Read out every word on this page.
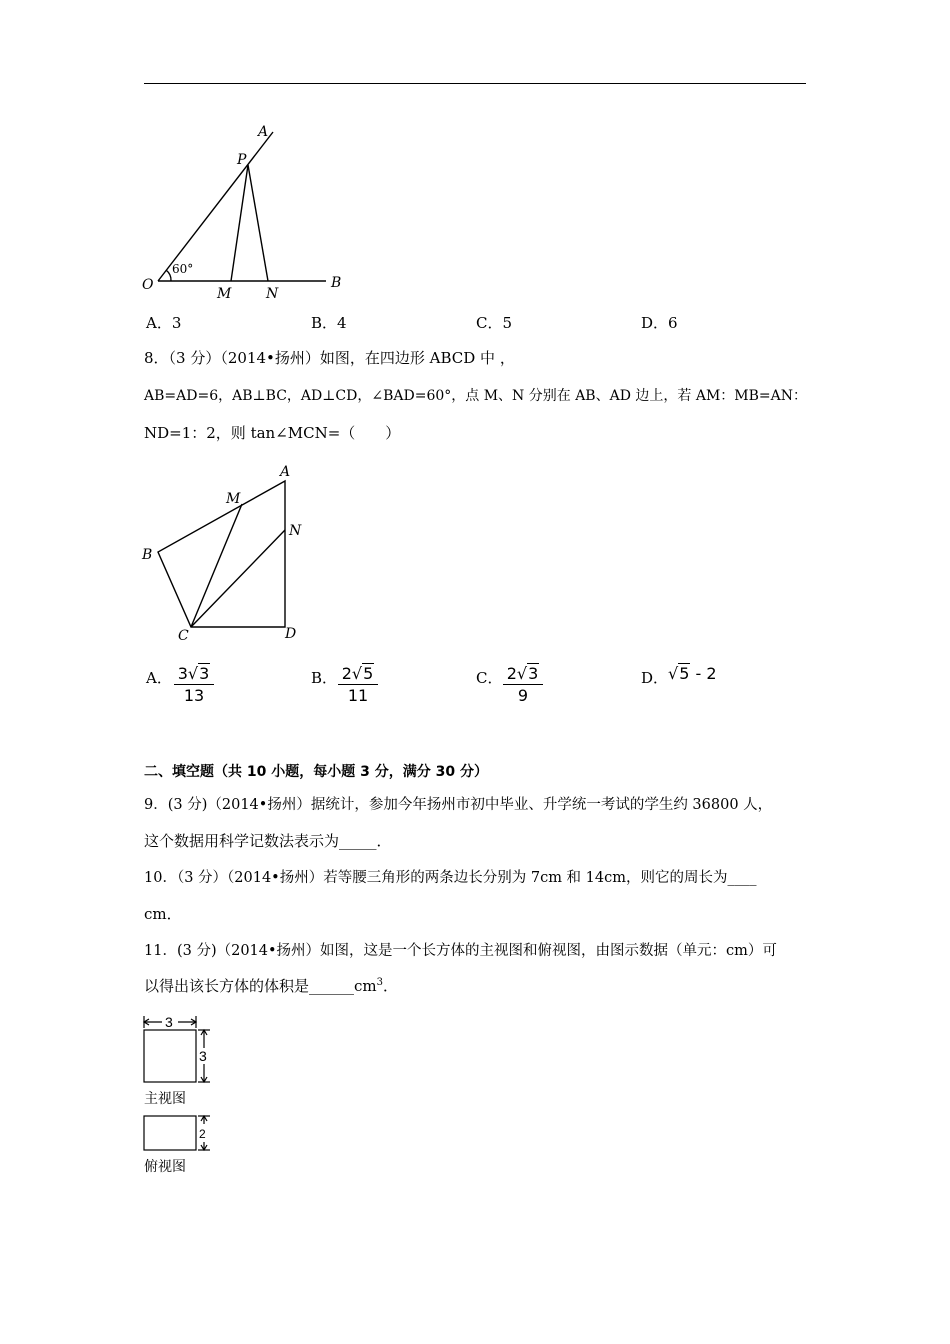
A
P
O
M N
B
60°
A．3	B．4	C．5	D．6
8．（3 分）（2014•扬州）如图，在四边形 ABCD 中 ，
AB=AD=6，AB⊥BC，AD⊥CD，∠BAD=60°，点 M、N 分别在 AB、AD 边上，若 AM：MB=AN：
ND=1：2，则 tan∠MCN=（　　）
A
M
N
B
C	D
A． $\frac{3√3}{13}$	B． $\frac{2√5}{11}$	C． $\frac{2√3}{9}$	D． √5 - 2
二、填空题（共 10 小题，每小题 3 分，满分 30 分）
9．(3 分)（2014•扬州）据统计，参加今年扬州市初中毕业、升学统一考试的学生约 36800 人，
这个数据用科学记数法表示为_____．
10．（3 分）（2014•扬州）若等腰三角形的两条边长分别为 7cm 和 14cm，则它的周长为____
cm．
11．(3 分)（2014•扬州）如图，这是一个长方体的主视图和俯视图，由图示数据（单元：cm）可
以得出该长方体的体积是$\_\_\_\_\_\_cm^3$．
3
3
2
主视图
俯视图
